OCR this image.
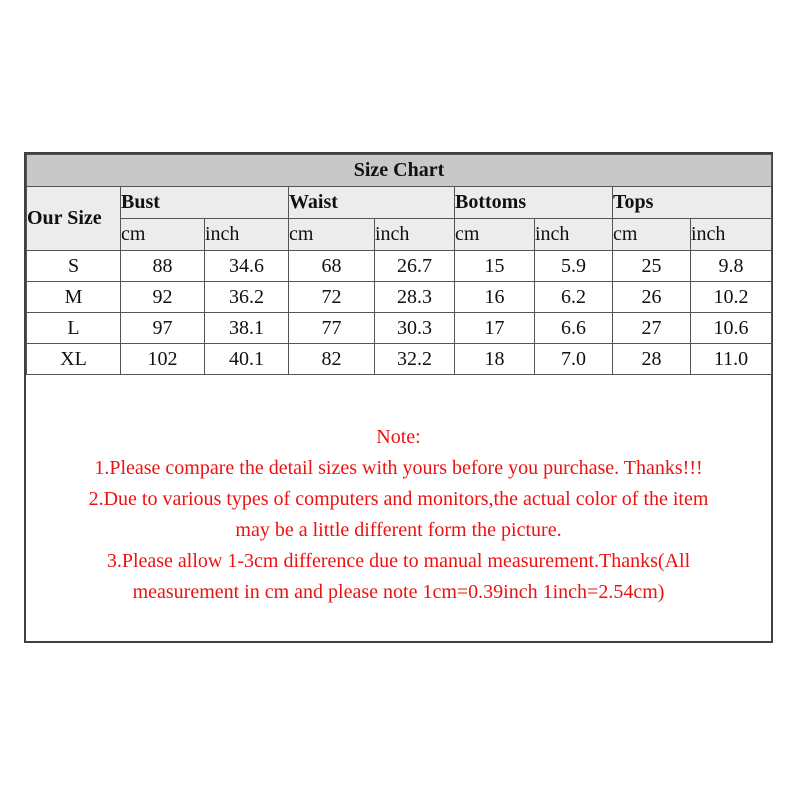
Size Chart								
Our Size	Bust		Waist		Bottoms		Tops	
	cm	inch	cm	inch	cm	inch	cm	inch
S	88	34.6	68	26.7	15	5.9	25	9.8
M	92	36.2	72	28.3	16	6.2	26	10.2
L	97	38.1	77	30.3	17	6.6	27	10.6
XL	102	40.1	82	32.2	18	7.0	28	11.0
Note:
1.Please compare the detail sizes with yours before you purchase. Thanks!!!
2.Due to various types of computers and monitors,the actual color of the item
may be a little different form the picture.
3.Please allow 1-3cm difference due to manual measurement.Thanks(All
measurement in cm and please note 1cm=0.39inch 1inch=2.54cm)
